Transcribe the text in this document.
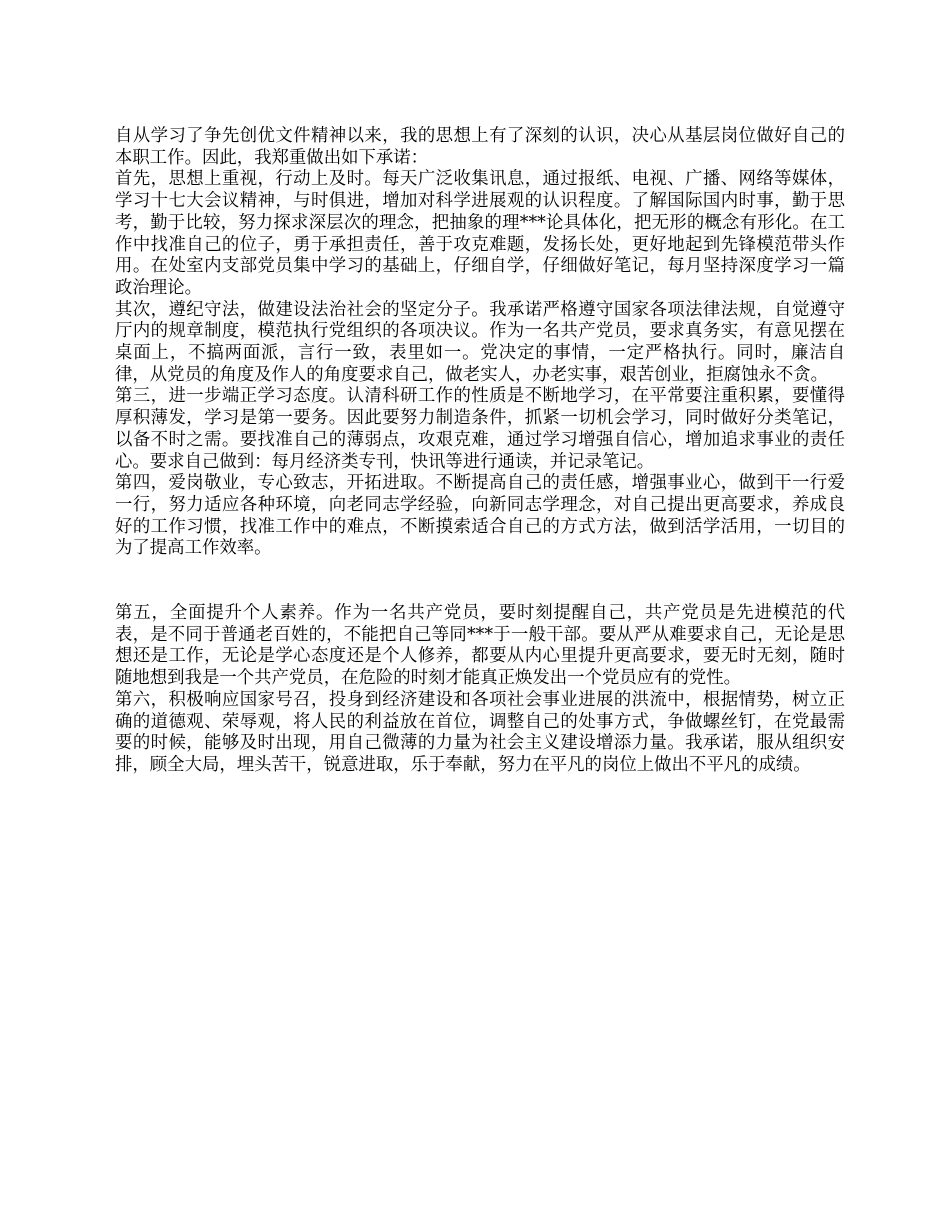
自从学习了争先创优文件精神以来，我的思想上有了深刻的认识，决心从基层岗位做好自己的本职工作。因此，我郑重做出如下承诺：

首先，思想上重视，行动上及时。每天广泛收集讯息，通过报纸、电视、广播、网络等媒体，学习十七大会议精神，与时俱进，增加对科学进展观的认识程度。了解国际国内时事，勤于思考，勤于比较，努力探求深层次的理念，把抽象的理***论具体化，把无形的概念有形化。在工作中找准自己的位子，勇于承担责任，善于攻克难题，发扬长处，更好地起到先锋模范带头作用。在处室内支部党员集中学习的基础上，仔细自学，仔细做好笔记，每月坚持深度学习一篇政治理论。

其次，遵纪守法，做建设法治社会的坚定分子。我承诺严格遵守国家各项法律法规，自觉遵守厅内的规章制度，模范执行党组织的各项决议。作为一名共产党员，要求真务实，有意见摆在桌面上，不搞两面派，言行一致，表里如一。党决定的事情，一定严格执行。同时，廉洁自律，从党员的角度及作人的角度要求自己，做老实人，办老实事，艰苦创业，拒腐蚀永不贪。

第三，进一步端正学习态度。认清科研工作的性质是不断地学习，在平常要注重积累，要懂得厚积薄发，学习是第一要务。因此要努力制造条件，抓紧一切机会学习，同时做好分类笔记，以备不时之需。要找准自己的薄弱点，攻艰克难，通过学习增强自信心，增加追求事业的责任心。要求自己做到：每月经济类专刊，快讯等进行通读，并记录笔记。

第四，爱岗敬业，专心致志，开拓进取。不断提高自己的责任感，增强事业心，做到干一行爱一行，努力适应各种环境，向老同志学经验，向新同志学理念，对自己提出更高要求，养成良好的工作习惯，找准工作中的难点，不断摸索适合自己的方式方法，做到活学活用，一切目的为了提高工作效率。

第五，全面提升个人素养。作为一名共产党员，要时刻提醒自己，共产党员是先进模范的代表，是不同于普通老百姓的，不能把自己等同***于一般干部。要从严从难要求自己，无论是思想还是工作，无论是学心态度还是个人修养，都要从内心里提升更高要求，要无时无刻，随时随地想到我是一个共产党员，在危险的时刻才能真正焕发出一个党员应有的党性。

第六，积极响应国家号召，投身到经济建设和各项社会事业进展的洪流中，根据情势，树立正确的道德观、荣辱观，将人民的利益放在首位，调整自己的处事方式，争做螺丝钉，在党最需要的时候，能够及时出现，用自己微薄的力量为社会主义建设增添力量。我承诺，服从组织安排，顾全大局，埋头苦干，锐意进取，乐于奉献，努力在平凡的岗位上做出不平凡的成绩。
